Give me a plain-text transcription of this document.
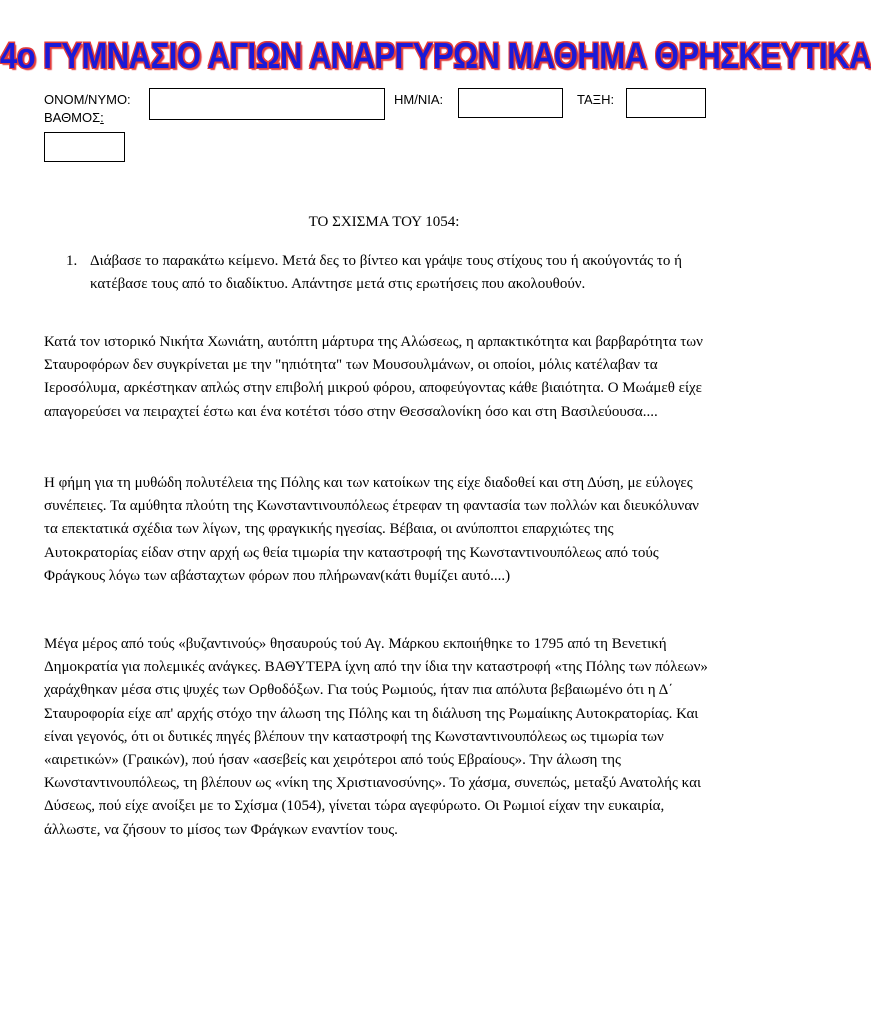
4ο ΓΥΜΝΑΣΙΟ ΑΓΙΩΝ ΑΝΑΡΓΥΡΩΝ ΜΑΘΗΜΑ ΘΡΗΣΚΕΥΤΙΚΑ
ΟΝΟΜ/ΝΥΜΟ:	ΗΜ/ΝΙΑ:	ΤΑΞΗ:
ΒΑΘΜΟΣ:
ΤΟ ΣΧΙΣΜΑ ΤΟΥ 1054:
1. Διάβασε το παρακάτω κείμενο. Μετά δες το βίντεο και γράψε τους στίχους του ή ακούγοντάς το ή κατέβασε τους από το διαδίκτυο. Απάντησε μετά στις ερωτήσεις που ακολουθούν.
Κατά τον ιστορικό Νικήτα Χωνιάτη, αυτόπτη μάρτυρα της Αλώσεως, η αρπακτικότητα και βαρβαρότητα των Σταυροφόρων δεν συγκρίνεται με την "ηπιότητα" των Μουσουλμάνων, οι οποίοι, μόλις κατέλαβαν τα Ιεροσόλυμα, αρκέστηκαν απλώς στην επιβολή μικρού φόρου, αποφεύγοντας κάθε βιαιότητα. Ο Μωάμεθ είχε απαγορεύσει να πειραχτεί έστω και ένα κοτέτσι τόσο στην Θεσσαλονίκη όσο και στη Βασιλεύουσα....
Η φήμη για τη μυθώδη πολυτέλεια της Πόλης και των κατοίκων της είχε διαδοθεί και στη Δύση, με εύλογες συνέπειες. Τα αμύθητα πλούτη της Κωνσταντινουπόλεως έτρεφαν τη φαντασία των πολλών και διευκόλυναν τα επεκτατικά σχέδια των λίγων, της φραγκικής ηγεσίας. Βέβαια, οι ανύποπτοι επαρχιώτες της Αυτοκρατορίας είδαν στην αρχή ως θεία τιμωρία την καταστροφή της Κωνσταντινουπόλεως από τούς Φράγκους λόγω των αβάσταχτων φόρων που πλήρωναν(κάτι θυμίζει αυτό....)
Μέγα μέρος από τούς «βυζαντινούς» θησαυρούς τού Αγ. Μάρκου εκποιήθηκε το 1795 από τη Βενετική Δημοκρατία για πολεμικές ανάγκες. ΒΑΘΥΤΕΡΑ ίχνη από την ίδια την καταστροφή «της Πόλης των πόλεων» χαράχθηκαν μέσα στις ψυχές των Ορθοδόξων. Για τούς Ρωμιούς, ήταν πια απόλυτα βεβαιωμένο ότι η Δ΄ Σταυροφορία είχε απ' αρχής στόχο την άλωση της Πόλης και τη διάλυση της Ρωμαίικης Αυτοκρατορίας. Και είναι γεγονός, ότι οι δυτικές πηγές βλέπουν την καταστροφή της Κωνσταντινουπόλεως ως τιμωρία των «αιρετικών» (Γραικών), πού ήσαν «ασεβείς και χειρότεροι από τούς Εβραίους». Την άλωση της Κωνσταντινουπόλεως, τη βλέπουν ως «νίκη της Χριστιανοσύνης». Το χάσμα, συνεπώς, μεταξύ Ανατολής και Δύσεως, πού είχε ανοίξει με το Σχίσμα (1054), γίνεται τώρα αγεφύρωτο. Οι Ρωμιοί είχαν την ευκαιρία, άλλωστε, να ζήσουν το μίσος των Φράγκων εναντίον τους.
